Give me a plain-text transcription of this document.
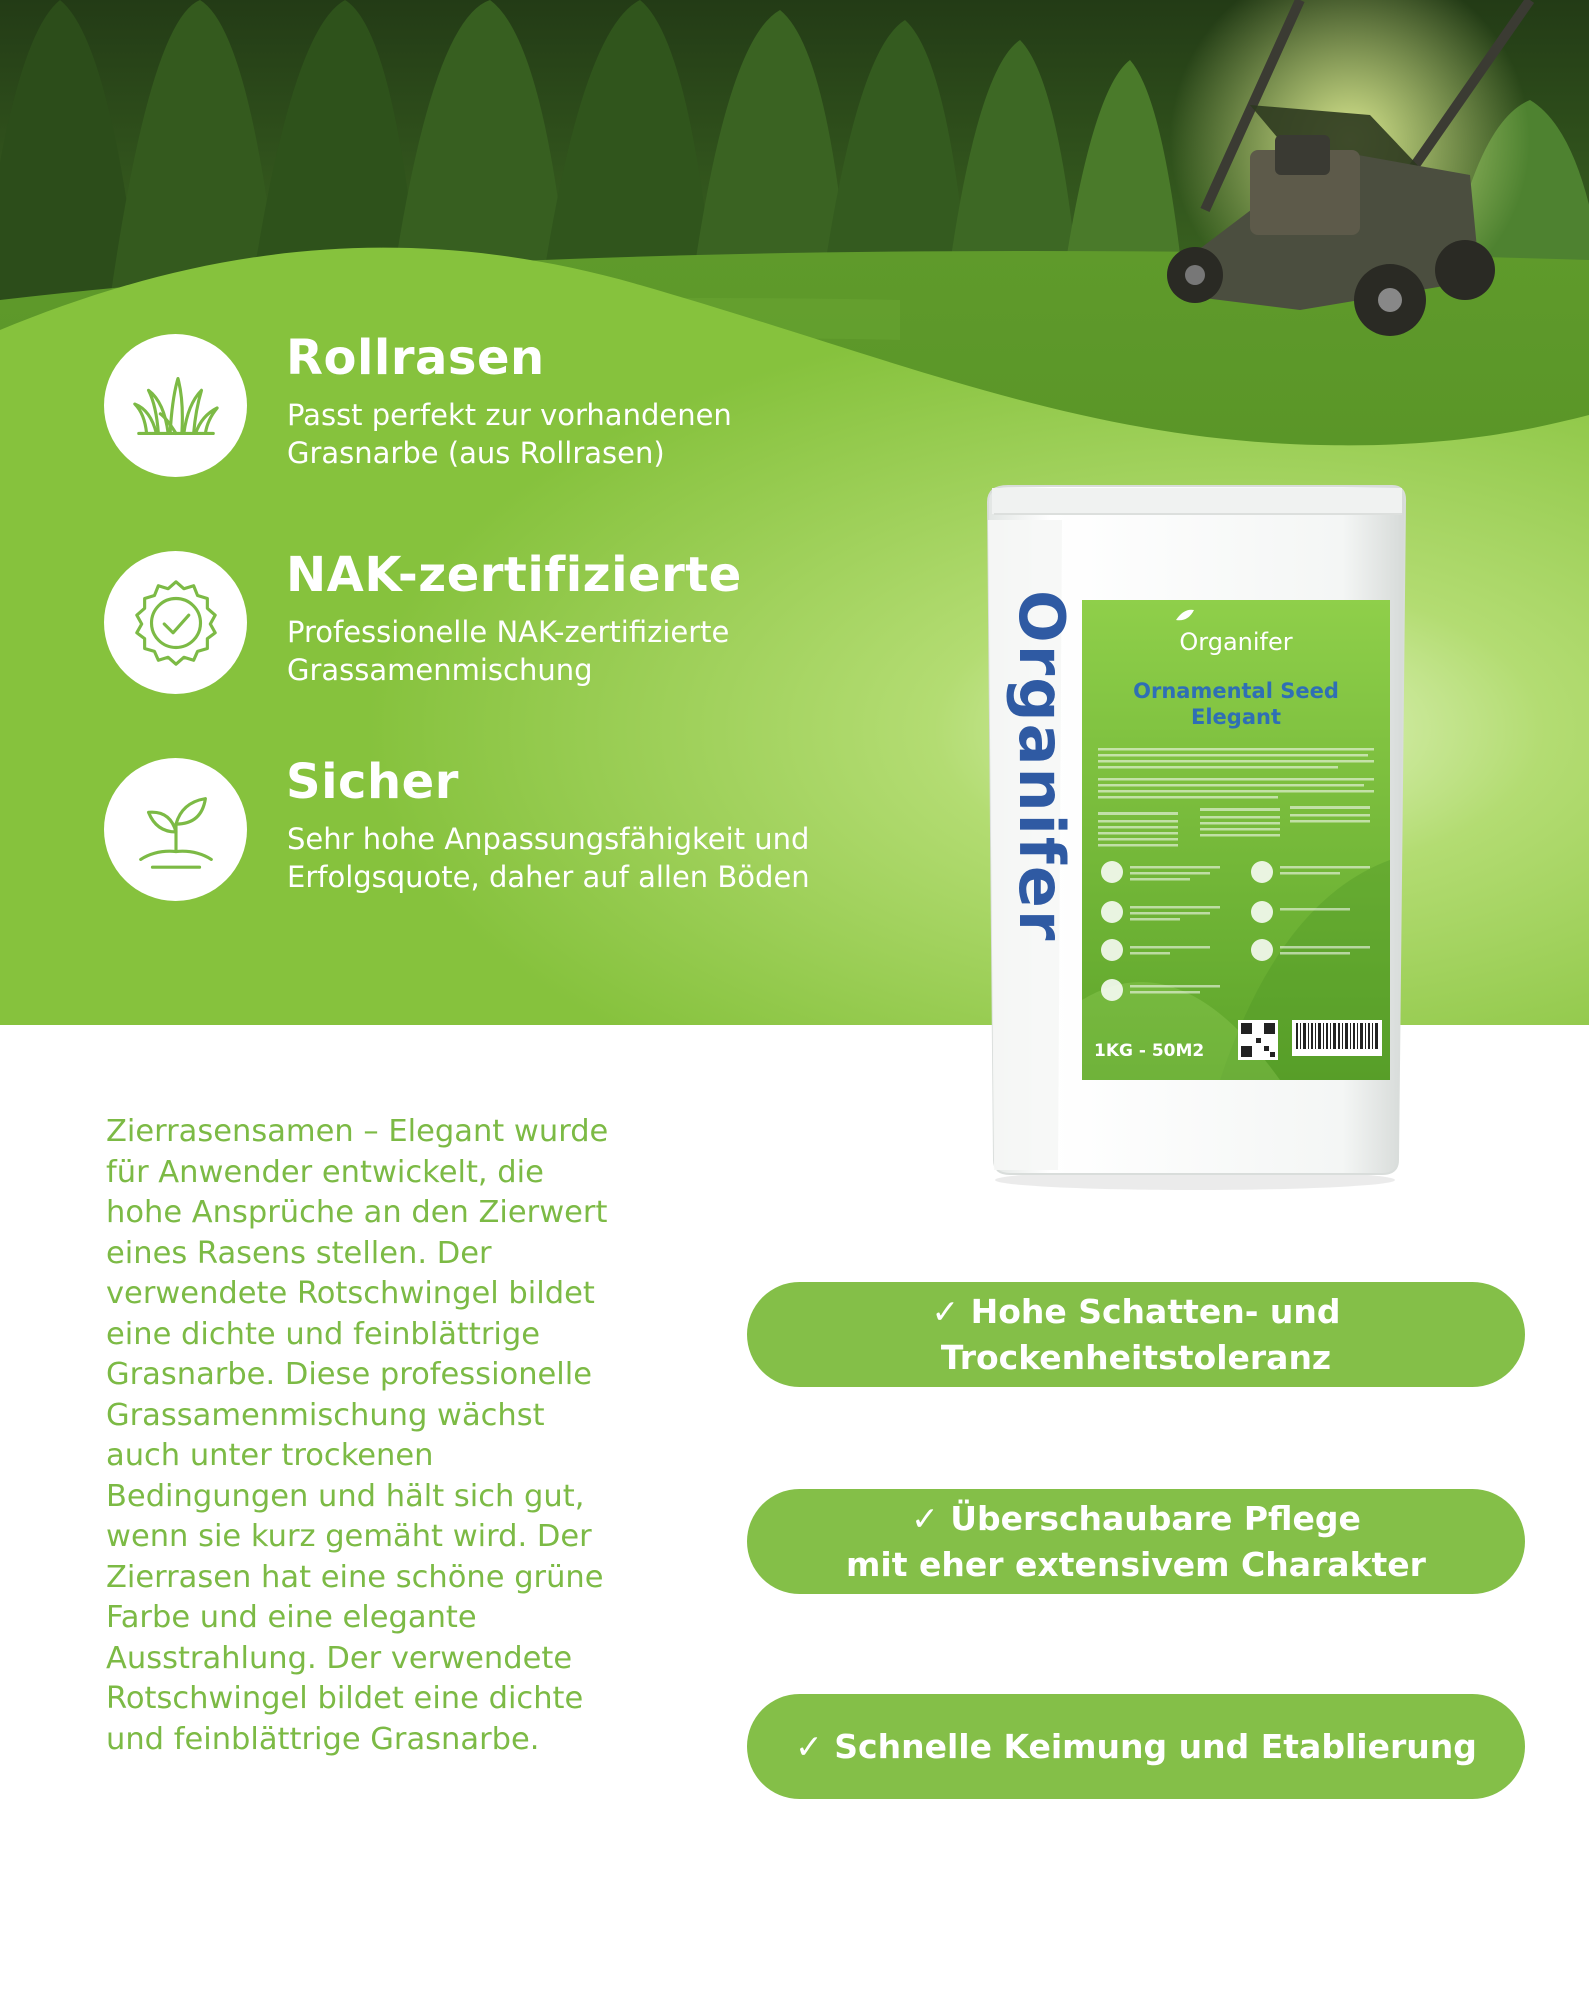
Rollrasen
Passt perfekt zur vorhandenen Grasnarbe (aus Rollrasen)
NAK-zertifizierte
Professionelle NAK-zertifizierte Grassamenmischung
Sicher
Sehr hohe Anpassungsfähigkeit und Erfolgsquote, daher auf allen Böden	Organifer	Organifer
Ornamental Seed
Elegant
1KG - 50M2
Zierrasensamen – Elegant wurde für Anwender entwickelt, die hohe Ansprüche an den Zierwert eines Rasens stellen. Der verwendete Rotschwingel bildet eine dichte und feinblättrige Grasnarbe. Diese professionelle Grassamenmischung wächst auch unter trockenen Bedingungen und hält sich gut, wenn sie kurz gemäht wird. Der Zierrasen hat eine schöne grüne Farbe und eine elegante Ausstrahlung. Der verwendete Rotschwingel bildet eine dichte und feinblättrige Grasnarbe.
✓ Hohe Schatten- und
Trockenheitstoleranz
✓ Überschaubare Pflege
mit eher extensivem Charakter
✓ Schnelle Keimung und Etablierung
